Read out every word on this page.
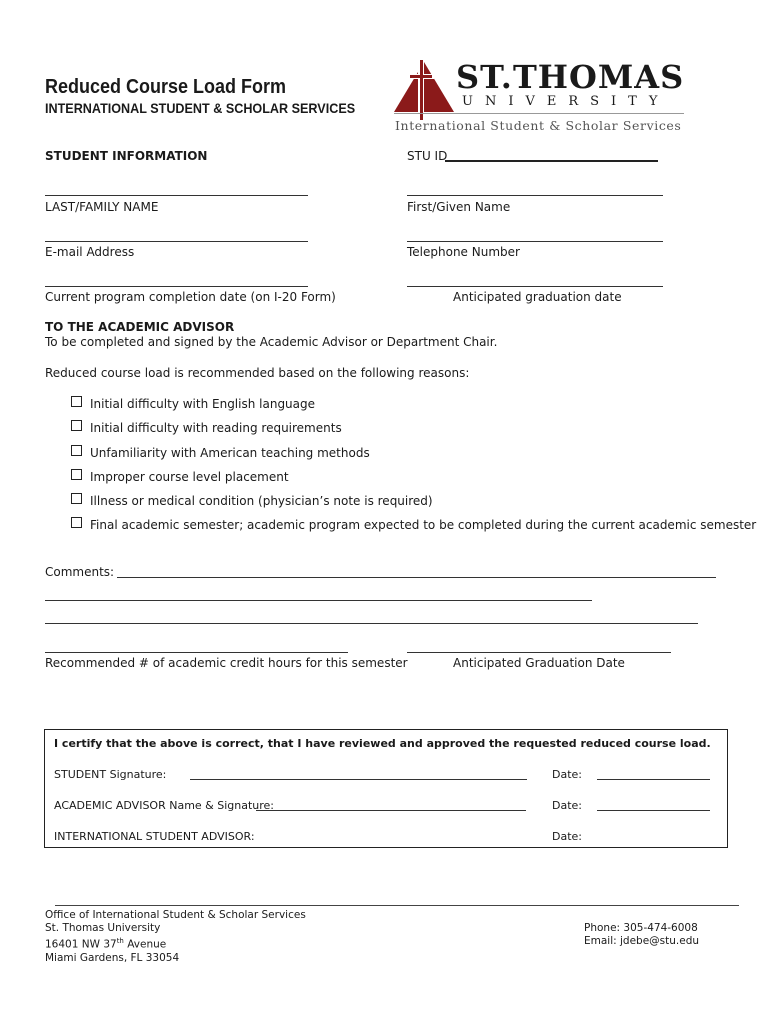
Reduced Course Load Form
INTERNATIONAL STUDENT & SCHOLAR SERVICES
ST.THOMAS
UNIVERSITY
International Student & Scholar Services
STUDENT INFORMATION	STU ID
LAST/FAMILY NAME	First/Given Name
E-mail Address	Telephone Number
Current program completion date (on I-20 Form)	Anticipated graduation date
TO THE ACADEMIC ADVISOR
To be completed and signed by the Academic Advisor or Department Chair.
Reduced course load is recommended based on the following reasons:
Initial difficulty with English language
Initial difficulty with reading requirements
Unfamiliarity with American teaching methods
Improper course level placement
Illness or medical condition (physician’s note is required)
Final academic semester; academic program expected to be completed during the current academic semester
Comments:
Recommended # of academic credit hours for this semester	Anticipated Graduation Date
I certify that the above is correct, that I have reviewed and approved the requested reduced course load.
STUDENT Signature:	Date:
ACADEMIC ADVISOR Name & Signature:	Date:
INTERNATIONAL STUDENT ADVISOR:	Date:
Office of International Student & Scholar Services
St. Thomas University
16401 NW 37th Avenue
Miami Gardens, FL 33054
Phone: 305-474-6008
Email: jdebe@stu.edu
